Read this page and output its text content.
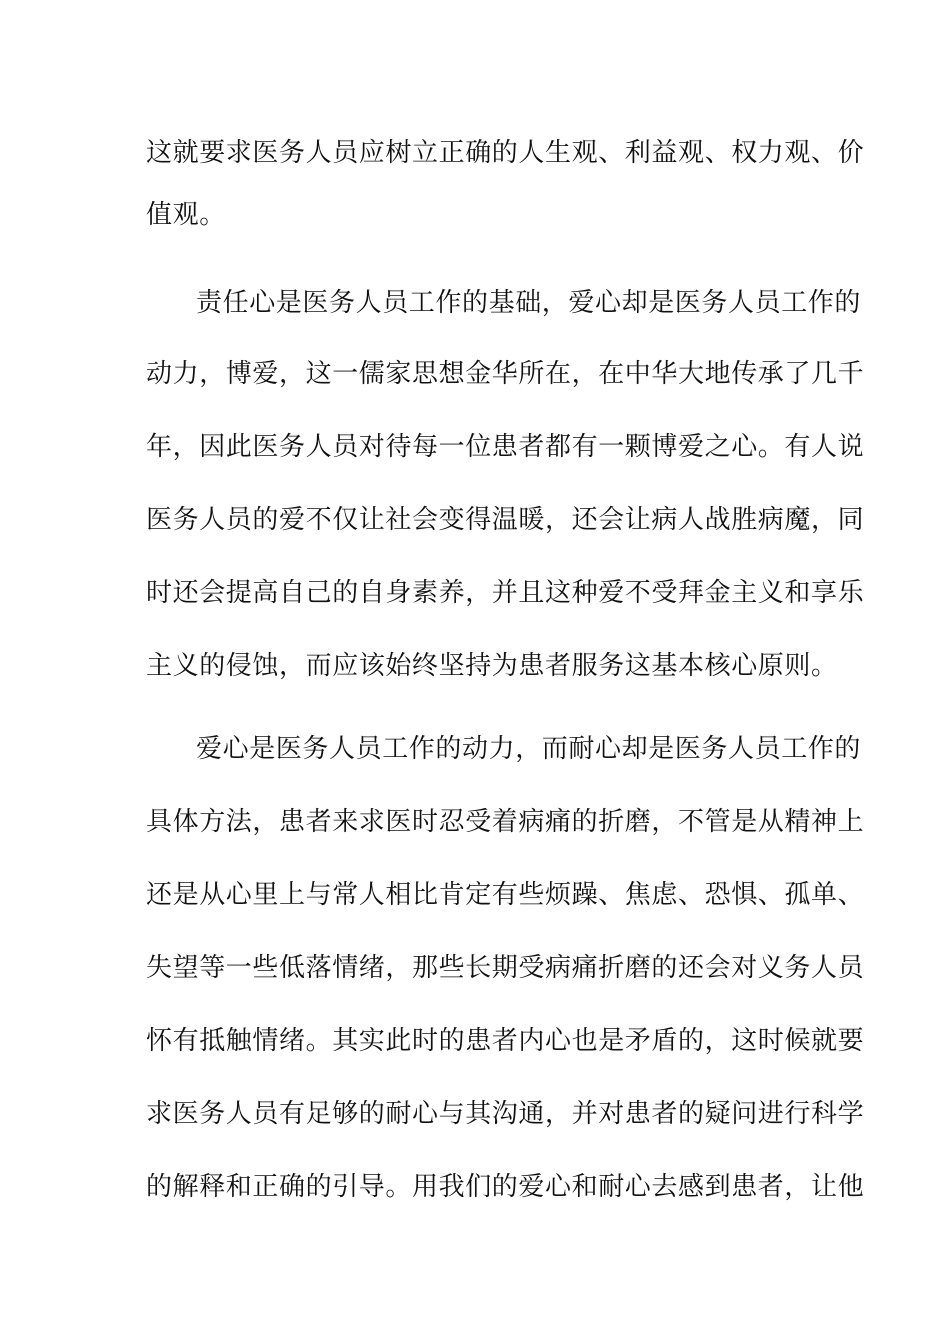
这就要求医务人员应树立正确的人生观、利益观、权力观、价
值观。
责任心是医务人员工作的基础，爱心却是医务人员工作的
动力，博爱，这一儒家思想金华所在，在中华大地传承了几千
年，因此医务人员对待每一位患者都有一颗博爱之心。有人说
医务人员的爱不仅让社会变得温暖，还会让病人战胜病魔，同
时还会提高自己的自身素养，并且这种爱不受拜金主义和享乐
主义的侵蚀，而应该始终坚持为患者服务这基本核心原则。
爱心是医务人员工作的动力，而耐心却是医务人员工作的
具体方法，患者来求医时忍受着病痛的折磨，不管是从精神上
还是从心里上与常人相比肯定有些烦躁、焦虑、恐惧、孤单、
失望等一些低落情绪，那些长期受病痛折磨的还会对义务人员
怀有抵触情绪。其实此时的患者内心也是矛盾的，这时候就要
求医务人员有足够的耐心与其沟通，并对患者的疑问进行科学
的解释和正确的引导。用我们的爱心和耐心去感到患者，让他
